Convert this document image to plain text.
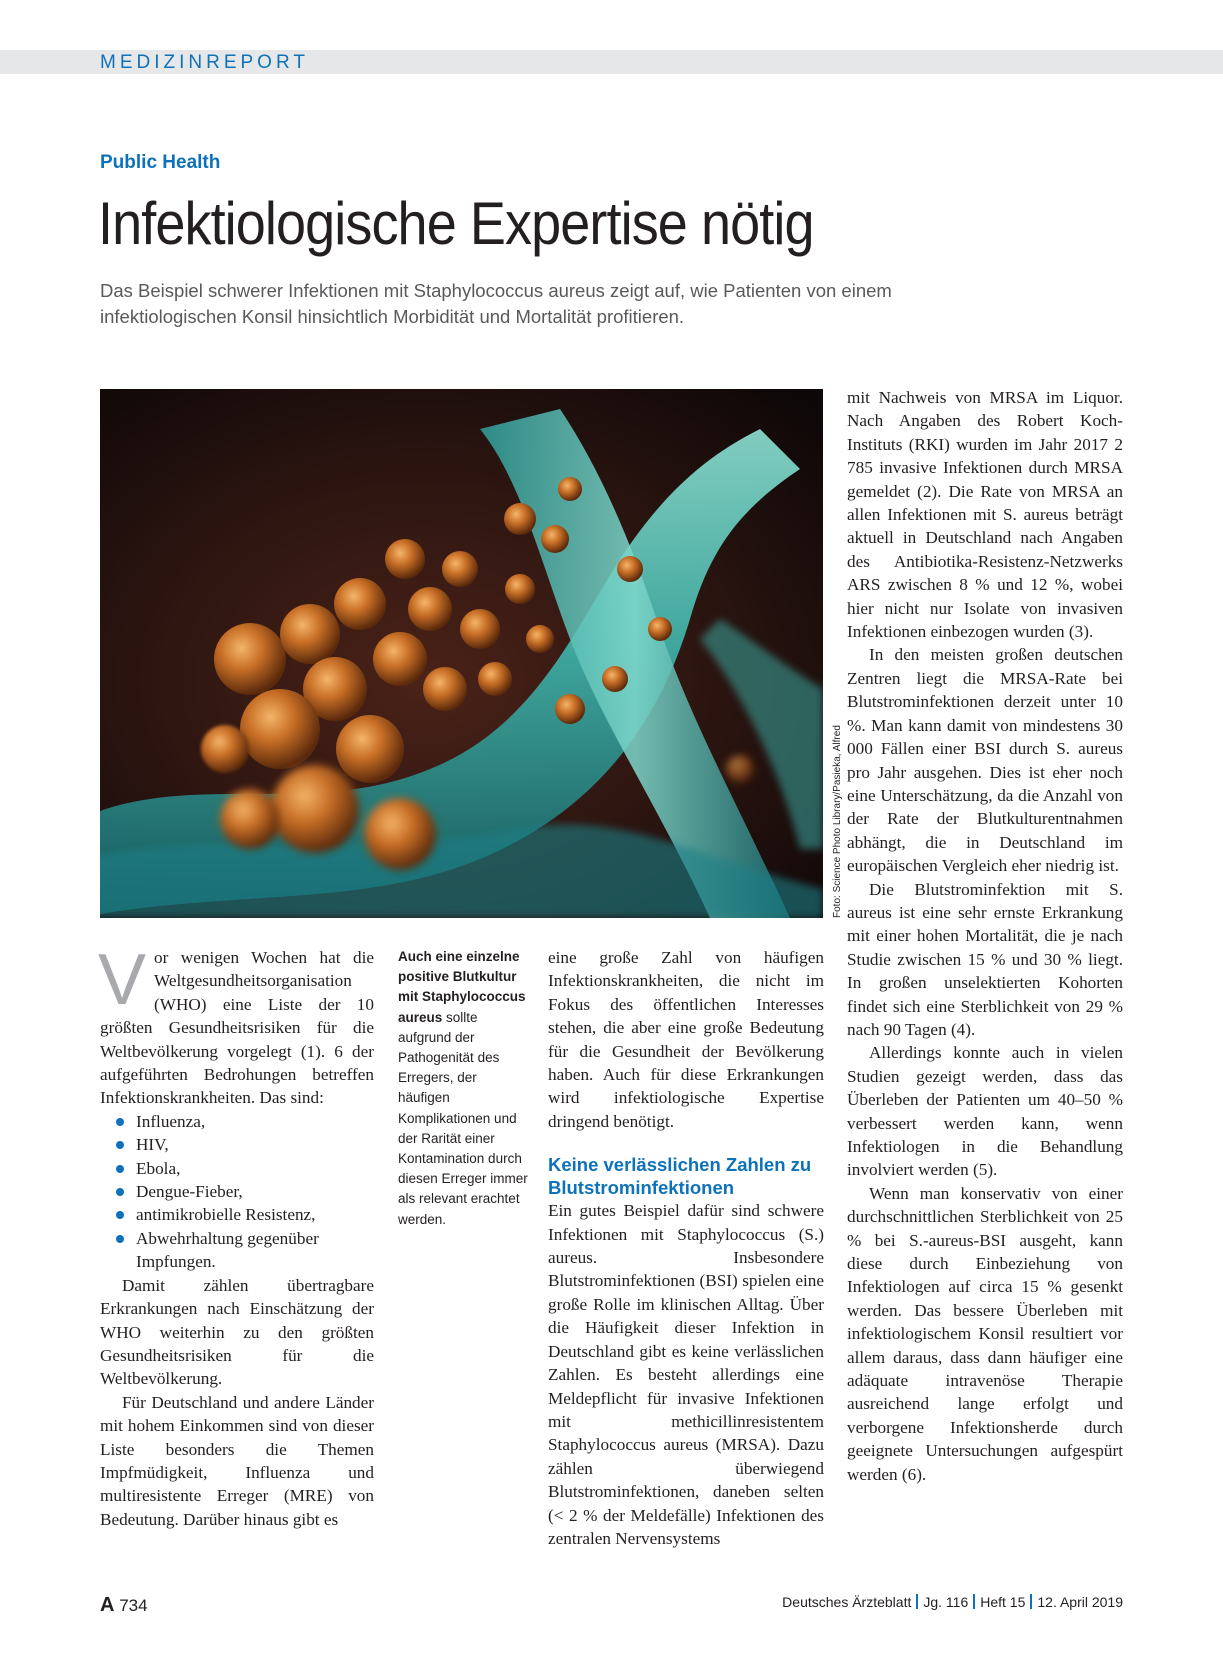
MEDIZINREPORT
Public Health
Infektiologische Expertise nötig

Das Beispiel schwerer Infektionen mit Staphylococcus aureus zeigt auf, wie Patienten von einem
infektiologischen Konsil hinsichtlich Morbidität und Mortalität profitieren.

Foto: Science Photo Library/Pasieka, Alfred

Vor wenigen Wochen hat die Weltgesundheitsorganisation (WHO) eine Liste der 10 größten Gesundheitsrisiken für die Weltbevölkerung vorgelegt (1). 6 der aufgeführten Bedrohungen betreffen Infektionskrankheiten. Das sind:

Influenza,
HIV,
Ebola,
Dengue-Fieber,
antimikrobielle Resistenz,
Abwehrhaltung gegenüber Impfungen.

Damit zählen übertragbare Erkrankungen nach Einschätzung der WHO weiterhin zu den größten Gesundheitsrisiken für die Weltbevölkerung.

Für Deutschland und andere Länder mit hohem Einkommen sind von dieser Liste besonders die Themen Impfmüdigkeit, Influenza und multiresistente Erreger (MRE) von Bedeutung. Darüber hinaus gibt es

Auch eine einzelne positive Blutkultur mit Staphylococcus aureus sollte aufgrund der Pathogenität des Erregers, der häufigen Komplikationen und der Rarität einer Kontamination durch diesen Erreger immer als relevant erachtet werden.

eine große Zahl von häufigen Infektionskrankheiten, die nicht im Fokus des öffentlichen Interesses stehen, die aber eine große Bedeutung für die Gesundheit der Bevölkerung haben. Auch für diese Erkrankungen wird infektiologische Expertise dringend benötigt.

Keine verlässlichen Zahlen zu Blutstrominfektionen

Ein gutes Beispiel dafür sind schwere Infektionen mit Staphylococcus (S.) aureus. Insbesondere Blutstrominfektionen (BSI) spielen eine große Rolle im klinischen Alltag. Über die Häufigkeit dieser Infektion in Deutschland gibt es keine verlässlichen Zahlen. Es besteht allerdings eine Meldepflicht für invasive Infektionen mit methicillinresistentem Staphylococcus aureus (MRSA). Dazu zählen überwiegend Blutstrominfektionen, daneben selten (< 2 % der Meldefälle) Infektionen des zentralen Nervensystems

mit Nachweis von MRSA im Liquor. Nach Angaben des Robert Koch-Instituts (RKI) wurden im Jahr 2017 2 785 invasive Infektionen durch MRSA gemeldet (2). Die Rate von MRSA an allen Infektionen mit S. aureus beträgt aktuell in Deutschland nach Angaben des Antibiotika-Resistenz-Netzwerks ARS zwischen 8 % und 12 %, wobei hier nicht nur Isolate von invasiven Infektionen einbezogen wurden (3).

In den meisten großen deutschen Zentren liegt die MRSA-Rate bei Blutstrominfektionen derzeit unter 10 %. Man kann damit von mindestens 30 000 Fällen einer BSI durch S. aureus pro Jahr ausgehen. Dies ist eher noch eine Unterschätzung, da die Anzahl von der Rate der Blutkulturentnahmen abhängt, die in Deutschland im europäischen Vergleich eher niedrig ist.

Die Blutstrominfektion mit S. aureus ist eine sehr ernste Erkrankung mit einer hohen Mortalität, die je nach Studie zwischen 15 % und 30 % liegt. In großen unselektierten Kohorten findet sich eine Sterblichkeit von 29 % nach 90 Tagen (4).

Allerdings konnte auch in vielen Studien gezeigt werden, dass das Überleben der Patienten um 40–50 % verbessert werden kann, wenn Infektiologen in die Behandlung involviert werden (5).

Wenn man konservativ von einer durchschnittlichen Sterblichkeit von 25 % bei S.-aureus-BSI ausgeht, kann diese durch Einbeziehung von Infektiologen auf circa 15 % gesenkt werden. Das bessere Überleben mit infektiologischem Konsil resultiert vor allem daraus, dass dann häufiger eine adäquate intravenöse Therapie ausreichend lange erfolgt und verborgene Infektionsherde durch geeignete Untersuchungen aufgespürt werden (6).

A 734	Deutsches Ärzteblatt Jg. 116 Heft 15 12. April 2019
